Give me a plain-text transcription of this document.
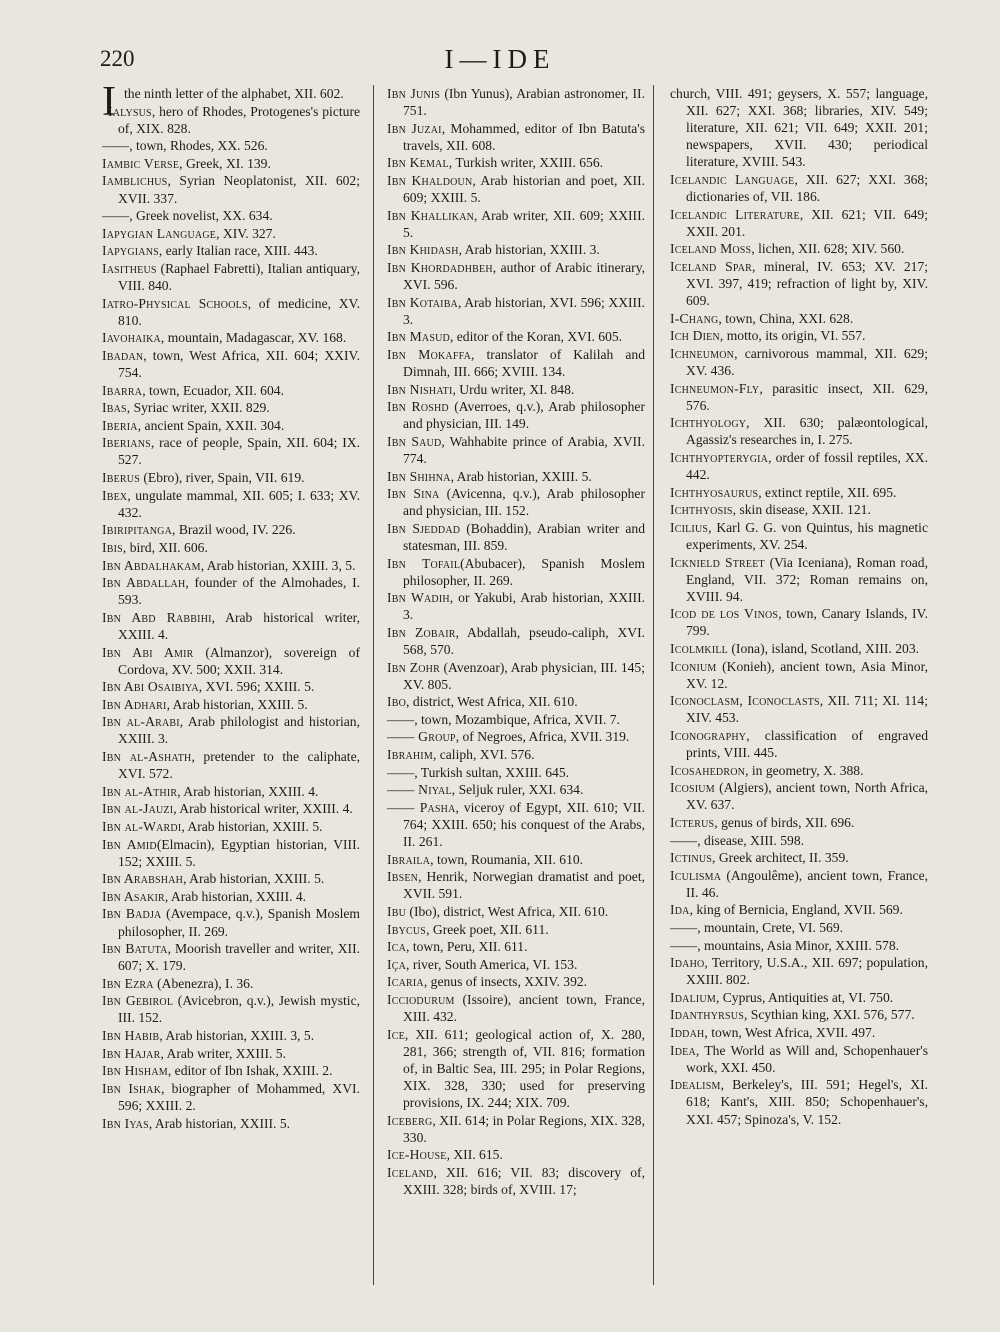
220	I—IDE

Ithe ninth letter of the alphabet, XII. 602.

Ialysus, hero of Rhodes, Protogenes's picture of, XIX. 828.

——, town, Rhodes, XX. 526.

Iambic Verse, Greek, XI. 139.

Iamblichus, Syrian Neoplatonist, XII. 602; XVII. 337.

——, Greek novelist, XX. 634.

Iapygian Language, XIV. 327.

Iapygians, early Italian race, XIII. 443.

Iasitheus (Raphael Fabretti), Italian antiquary, VIII. 840.

Iatro-Physical Schools, of medicine, XV. 810.

Iavohaika, mountain, Madagascar, XV. 168.

Ibadan, town, West Africa, XII. 604; XXIV. 754.

Ibarra, town, Ecuador, XII. 604.

Ibas, Syriac writer, XXII. 829.

Iberia, ancient Spain, XXII. 304.

Iberians, race of people, Spain, XII. 604; IX. 527.

Iberus (Ebro), river, Spain, VII. 619.

Ibex, ungulate mammal, XII. 605; I. 633; XV. 432.

Ibiripitanga, Brazil wood, IV. 226.

Ibis, bird, XII. 606.

Ibn Abdalhakam, Arab historian, XXIII. 3, 5.

Ibn Abdallah, founder of the Almohades, I. 593.

Ibn Abd Rabbihi, Arab historical writer, XXIII. 4.

Ibn Abi Amir (Almanzor), sovereign of Cordova, XV. 500; XXII. 314.

Ibn Abi Osaibiya, XVI. 596; XXIII. 5.

Ibn Adhari, Arab historian, XXIII. 5.

Ibn al-Arabi, Arab philologist and historian, XXIII. 3.

Ibn al-Ashath, pretender to the caliphate, XVI. 572.

Ibn al-Athir, Arab historian, XXIII. 4.

Ibn al-Jauzi, Arab historical writer, XXIII. 4.

Ibn al-Wardi, Arab historian, XXIII. 5.

Ibn Amid(Elmacin), Egyptian historian, VIII. 152; XXIII. 5.

Ibn Arabshah, Arab historian, XXIII. 5.

Ibn Asakir, Arab historian, XXIII. 4.

Ibn Badja (Avempace, q.v.), Spanish Moslem philosopher, II. 269.

Ibn Batuta, Moorish traveller and writer, XII. 607; X. 179.

Ibn Ezra (Abenezra), I. 36.

Ibn Gebirol (Avicebron, q.v.), Jewish mystic, III. 152.

Ibn Habib, Arab historian, XXIII. 3, 5.

Ibn Hajar, Arab writer, XXIII. 5.

Ibn Hisham, editor of Ibn Ishak, XXIII. 2.

Ibn Ishak, biographer of Mohammed, XVI. 596; XXIII. 2.

Ibn Iyas, Arab historian, XXIII. 5.

Ibn Junis (Ibn Yunus), Arabian astronomer, II. 751.

Ibn Juzai, Mohammed, editor of Ibn Batuta's travels, XII. 608.

Ibn Kemal, Turkish writer, XXIII. 656.

Ibn Khaldoun, Arab historian and poet, XII. 609; XXIII. 5.

Ibn Khallikan, Arab writer, XII. 609; XXIII. 5.

Ibn Khidash, Arab historian, XXIII. 3.

Ibn Khordadhbeh, author of Arabic itinerary, XVI. 596.

Ibn Kotaiba, Arab historian, XVI. 596; XXIII. 3.

Ibn Masud, editor of the Koran, XVI. 605.

Ibn Mokaffa, translator of Kalilah and Dimnah, III. 666; XVIII. 134.

Ibn Nishati, Urdu writer, XI. 848.

Ibn Roshd (Averroes, q.v.), Arab philosopher and physician, III. 149.

Ibn Saud, Wahhabite prince of Arabia, XVII. 774.

Ibn Shihna, Arab historian, XXIII. 5.

Ibn Sina (Avicenna, q.v.), Arab philosopher and physician, III. 152.

Ibn Sjeddad (Bohaddin), Arabian writer and statesman, III. 859.

Ibn Tofail(Abubacer), Spanish Moslem philosopher, II. 269.

Ibn Wadih, or Yakubi, Arab historian, XXIII. 3.

Ibn Zobair, Abdallah, pseudo-caliph, XVI. 568, 570.

Ibn Zohr (Avenzoar), Arab physician, III. 145; XV. 805.

Ibo, district, West Africa, XII. 610.

——, town, Mozambique, Africa, XVII. 7.

—— Group, of Negroes, Africa, XVII. 319.

Ibrahim, caliph, XVI. 576.

——, Turkish sultan, XXIII. 645.

—— Niyal, Seljuk ruler, XXI. 634.

—— Pasha, viceroy of Egypt, XII. 610; VII. 764; XXIII. 650; his conquest of the Arabs, II. 261.

Ibraila, town, Roumania, XII. 610.

Ibsen, Henrik, Norwegian dramatist and poet, XVII. 591.

Ibu (Ibo), district, West Africa, XII. 610.

Ibycus, Greek poet, XII. 611.

Ica, town, Peru, XII. 611.

Iça, river, South America, VI. 153.

Icaria, genus of insects, XXIV. 392.

Icciodurum (Issoire), ancient town, France, XIII. 432.

Ice, XII. 611; geological action of, X. 280, 281, 366; strength of, VII. 816; formation of, in Baltic Sea, III. 295; in Polar Regions, XIX. 328, 330; used for preserving provisions, IX. 244; XIX. 709.

Iceberg, XII. 614; in Polar Regions, XIX. 328, 330.

Ice-House, XII. 615.

Iceland, XII. 616; VII. 83; discovery of, XXIII. 328; birds of, XVIII. 17;

church, VIII. 491; geysers, X. 557; language, XII. 627; XXI. 368; libraries, XIV. 549; literature, XII. 621; VII. 649; XXII. 201; newspapers, XVII. 430; periodical literature, XVIII. 543.

Icelandic Language, XII. 627; XXI. 368; dictionaries of, VII. 186.

Icelandic Literature, XII. 621; VII. 649; XXII. 201.

Iceland Moss, lichen, XII. 628; XIV. 560.

Iceland Spar, mineral, IV. 653; XV. 217; XVI. 397, 419; refraction of light by, XIV. 609.

I-Chang, town, China, XXI. 628.

Ich Dien, motto, its origin, VI. 557.

Ichneumon, carnivorous mammal, XII. 629; XV. 436.

Ichneumon-Fly, parasitic insect, XII. 629, 576.

Ichthyology, XII. 630; palæontological, Agassiz's researches in, I. 275.

Ichthyopterygia, order of fossil reptiles, XX. 442.

Ichthyosaurus, extinct reptile, XII. 695.

Ichthyosis, skin disease, XXII. 121.

Icilius, Karl G. G. von Quintus, his magnetic experiments, XV. 254.

Icknield Street (Via Iceniana), Roman road, England, VII. 372; Roman remains on, XVIII. 94.

Icod de los Vinos, town, Canary Islands, IV. 799.

Icolmkill (Iona), island, Scotland, XIII. 203.

Iconium (Konieh), ancient town, Asia Minor, XV. 12.

Iconoclasm, Iconoclasts, XII. 711; XI. 114; XIV. 453.

Iconography, classification of engraved prints, VIII. 445.

Icosahedron, in geometry, X. 388.

Icosium (Algiers), ancient town, North Africa, XV. 637.

Icterus, genus of birds, XII. 696.

——, disease, XIII. 598.

Ictinus, Greek architect, II. 359.

Iculisma (Angoulême), ancient town, France, II. 46.

Ida, king of Bernicia, England, XVII. 569.

——, mountain, Crete, VI. 569.

——, mountains, Asia Minor, XXIII. 578.

Idaho, Territory, U.S.A., XII. 697; population, XXIII. 802.

Idalium, Cyprus, Antiquities at, VI. 750.

Idanthyrsus, Scythian king, XXI. 576, 577.

Iddah, town, West Africa, XVII. 497.

Idea, The World as Will and, Schopenhauer's work, XXI. 450.

Idealism, Berkeley's, III. 591; Hegel's, XI. 618; Kant's, XIII. 850; Schopenhauer's, XXI. 457; Spinoza's, V. 152.
